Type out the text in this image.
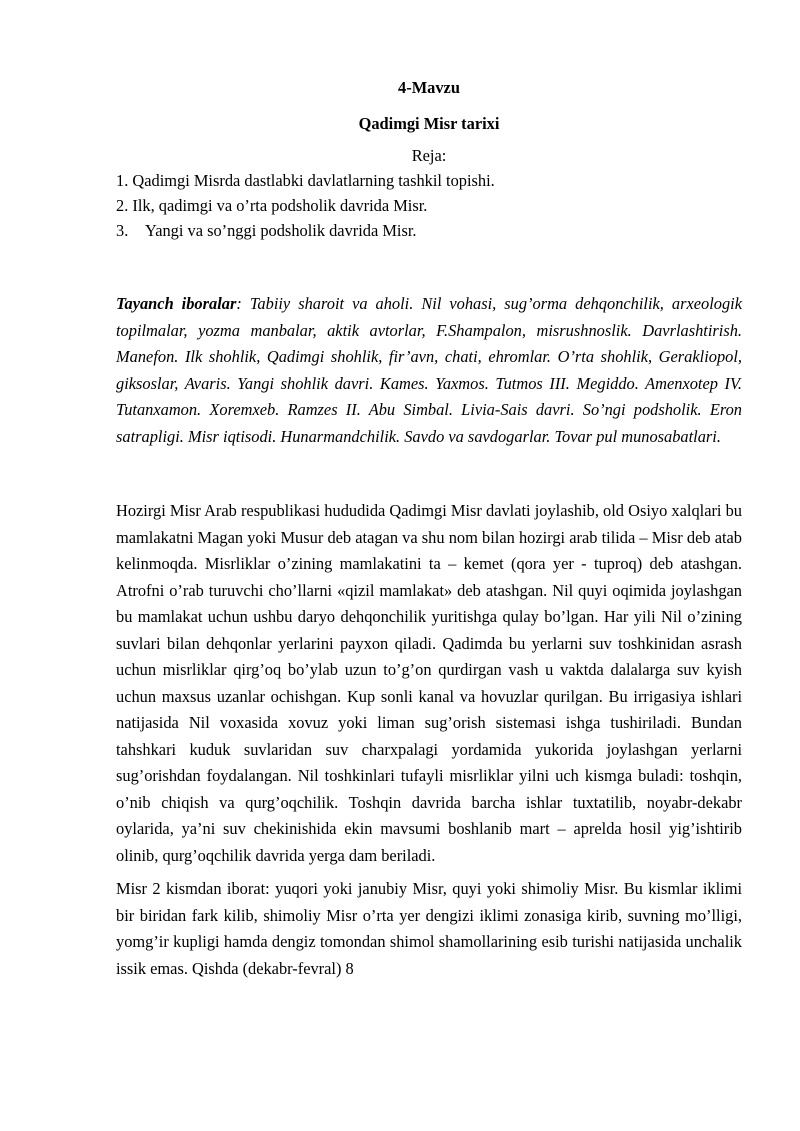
4-Mavzu
Qadimgi Misr tarixi
Reja:
1. Qadimgi Misrda dastlabki davlatlarning tashkil topishi.
2. Ilk, qadimgi va o’rta podsholik davrida Misr.
3. Yangi va so’nggi podsholik davrida Misr.
Tayanch iboralar: Tabiiy sharoit va aholi. Nil vohasi, sug’orma dehqonchilik, arxeologik topilmalar, yozma manbalar, aktik avtorlar, F.Shampalon, misrushnoslik. Davrlashtirish. Manefon. Ilk shohlik, Qadimgi shohlik, fir’avn, chati, ehromlar. O’rta shohlik, Gerakliopol, giksoslar, Avaris. Yangi shohlik davri. Kames. Yaxmos. Tutmos III. Megiddo. Amenxotep IV. Tutanxamon. Xoremxeb. Ramzes II. Abu Simbal. Livia-Sais davri. So’ngi podsholik. Eron satrapligi. Misr iqtisodi. Hunarmandchilik. Savdo va savdogarlar. Tovar pul munosabatlari.

Hozirgi Misr Arab respublikasi hududida Qadimgi Misr davlati joylashib, old Osiyo xalqlari bu mamlakatni Magan yoki Musur deb atagan va shu nom bilan hozirgi arab tilida – Misr deb atab kelinmoqda. Misrliklar o’zining mamlakatini ta – kemet (qora yer - tuproq) deb atashgan. Atrofni o’rab turuvchi cho’llarni «qizil mamlakat» deb atashgan. Nil quyi oqimida joylashgan bu mamlakat uchun ushbu daryo dehqonchilik yuritishga qulay bo’lgan. Har yili Nil o’zining suvlari bilan dehqonlar yerlarini payxon qiladi. Qadimda bu yerlarni suv toshkinidan asrash uchun misrliklar qirg’oq bo’ylab uzun to’g’on qurdirgan vash u vaktda dalalarga suv kyish uchun maxsus uzanlar ochishgan. Kup sonli kanal va hovuzlar qurilgan. Bu irrigasiya ishlari natijasida Nil voxasida xovuz yoki liman sug’orish sistemasi ishga tushiriladi. Bundan tahshkari kuduk suvlaridan suv charxpalagi yordamida yukorida joylashgan yerlarni sug’orishdan foydalangan. Nil toshkinlari tufayli misrliklar yilni uch kismga buladi: toshqin, o’nib chiqish va qurg’oqchilik. Toshqin davrida barcha ishlar tuxtatilib, noyabr-dekabr oylarida, ya’ni suv chekinishida ekin mavsumi boshlanib mart – aprelda hosil yig’ishtirib olinib, qurg’oqchilik davrida yerga dam beriladi.

Misr 2 kismdan iborat: yuqori yoki janubiy Misr, quyi yoki shimoliy Misr. Bu kismlar iklimi bir biridan fark kilib, shimoliy Misr o’rta yer dengizi iklimi zonasiga kirib, suvning mo’lligi, yomg’ir kupligi hamda dengiz tomondan shimol shamollarining esib turishi natijasida unchalik issik emas. Qishda (dekabr-fevral) 8
